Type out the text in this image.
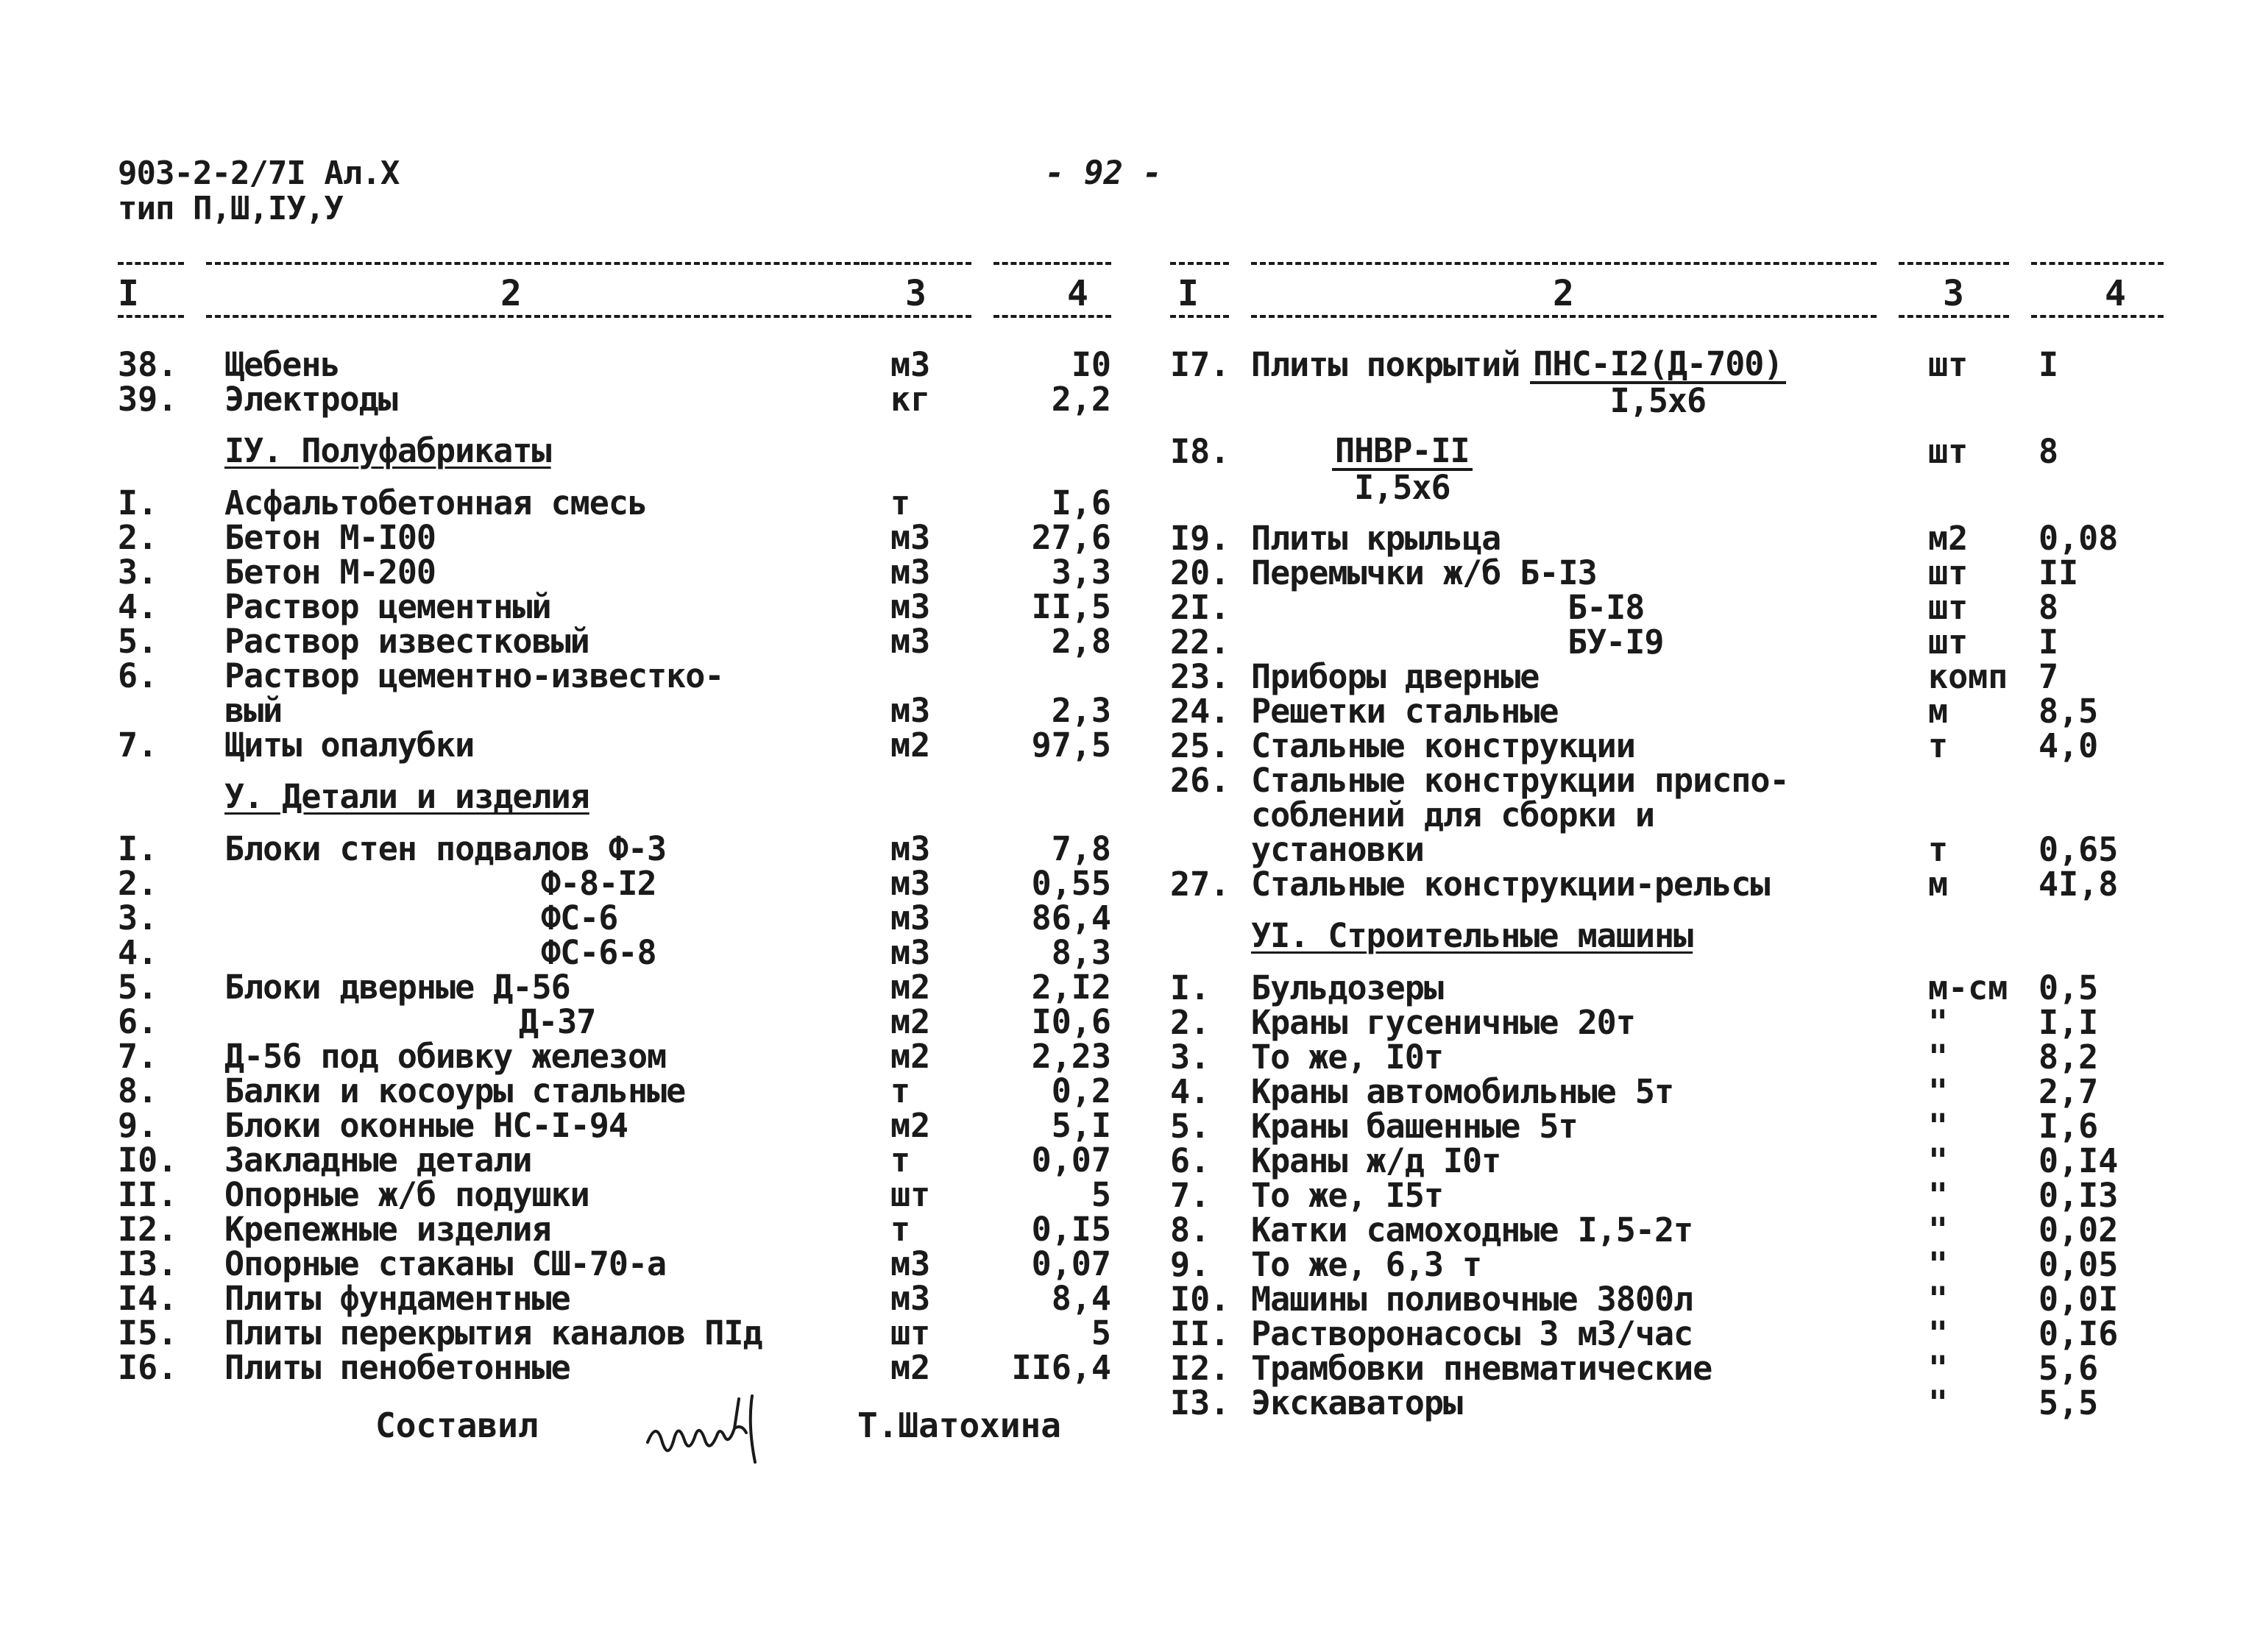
903-2-2/7I Ал.X
тип П,Ш,IУ,У
- 92 -
I	2	3	4
38. Щебень	м3	I0
39. Электроды	кг	2,2
IУ. Полуфабрикаты
I. Асфальтобетонная смесь	т	I,6
2. Бетон М-I00	м3	27,6
3. Бетон М-200	м3	3,3
4. Раствор цементный	м3	II,5
5. Раствор известковый	м3	2,8
6. Раствор цементно-известко-
вый	м3	2,3
7. Щиты опалубки	м2	97,5
У. Детали и изделия
I. Блоки стен подвалов Ф-3	м3	7,8
2.	Ф-8-I2	м3	0,55
3.	ФС-6	м3	86,4
4.	ФС-6-8	м3	8,3
5. Блоки дверные Д-56	м2	2,I2
6.	Д-37	м2	I0,6
7. Д-56 под обивку железом	м2	2,23
8. Балки и косоуры стальные	т	0,2
9. Блоки оконные НС-I-94	м2	5,I
I0. Закладные детали	т	0,07
II. Опорные ж/б подушки	шт	5
I2. Крепежные изделия	т	0,I5
I3. Опорные стаканы СШ-70-а	м3	0,07
I4. Плиты фундаментные	м3	8,4
I5. Плиты перекрытия каналов ПIд	шт	5
I6. Плиты пенобетонные	м2	II6,4
I	2	3	4
I7. Плиты покрытий $\frac{\text{ПНС-I2(Д-700)}}{I,5x6}$	шт I
I8.	$\frac{\text{ПНВР-II}}{I,5x6}$	шт 8
I9. Плиты крыльца	м2 0,08
20. Перемычки ж/б Б-I3	шт II
2I.	Б-I8	шт 8
22.	БУ-I9	шт I
23. Приборы дверные	комп 7
24. Решетки стальные	м	8,5
25. Стальные конструкции	т	4,0
26. Стальные конструкции приспо-
соблений для сборки и
установки	т	0,65
27. Стальные конструкции-рельсы	м	4I,8
УI. Строительные машины
I. Бульдозеры	м-см 0,5
2. Краны гусеничные 20т	"	I,I
3. То же, I0т	"	8,2
4. Краны автомобильные 5т	"	2,7
5. Краны башенные 5т	"	I,6
6. Краны ж/д I0т	"	0,I4
7. То же, I5т	"	0,I3
8. Катки самоходные I,5-2т	"	0,02
9. То же, 6,3 т	"	0,05
I0. Машины поливочные 3800л	"	0,0I
II. Растворонасосы 3 м3/час	"	0,I6
I2. Трамбовки пневматические	"	5,6
I3. Экскаваторы	"	5,5
Составил	Т.Шатохина
